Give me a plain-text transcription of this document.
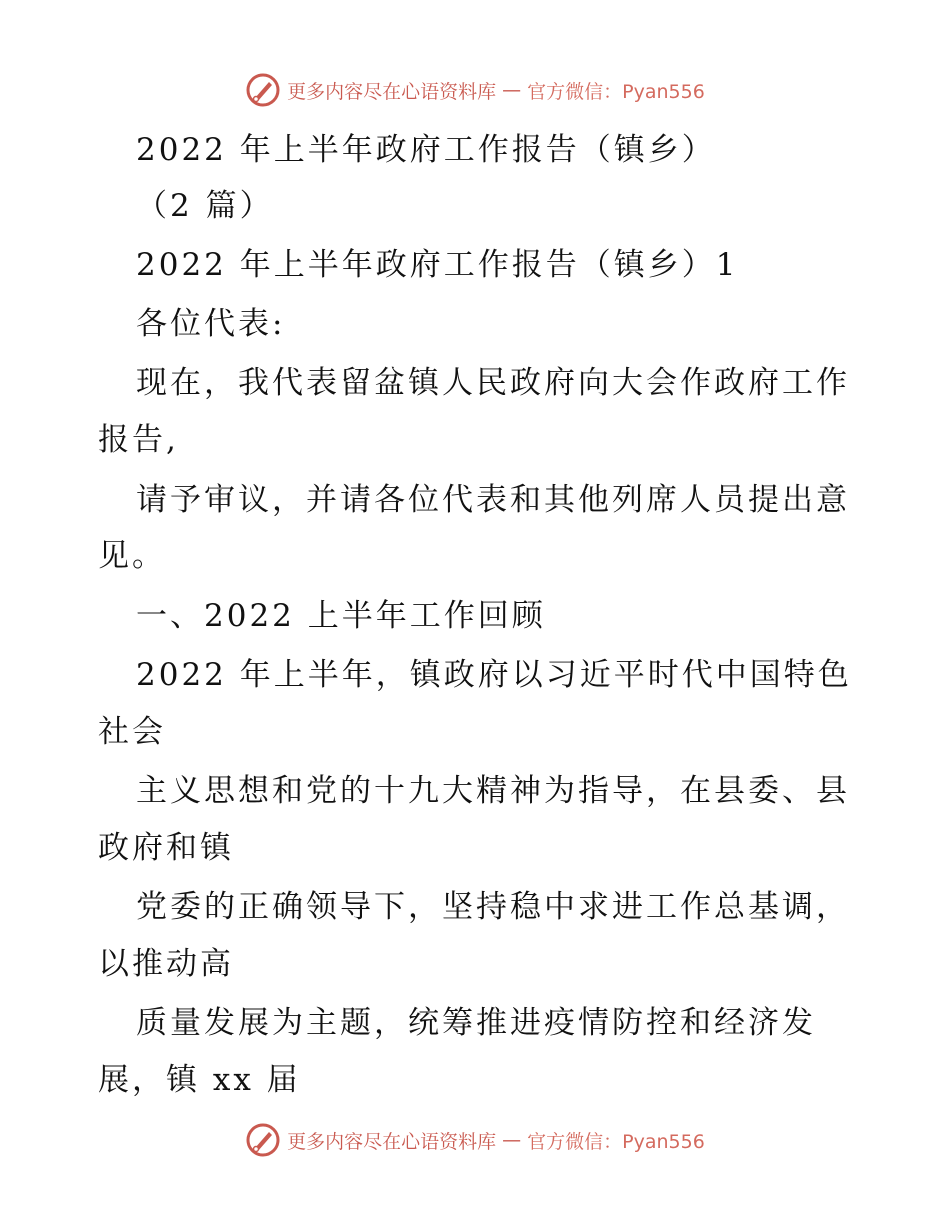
更多内容尽在心语资料库 — 官方微信：Pyan556
2022 年上半年政府工作报告（镇乡）
（2 篇）
2022 年上半年政府工作报告（镇乡）1
各位代表:
现在，我代表留盆镇人民政府向大会作政府工作
报告,
请予审议，并请各位代表和其他列席人员提出意
见。
一、2022 上半年工作回顾
2022 年上半年，镇政府以习近平时代中国特色
社会
主义思想和党的十九大精神为指导，在县委、县
政府和镇
党委的正确领导下，坚持稳中求进工作总基调，
以推动高
质量发展为主题，统筹推进疫情防控和经济发
展，镇 xx 届
更多内容尽在心语资料库 — 官方微信：Pyan556
